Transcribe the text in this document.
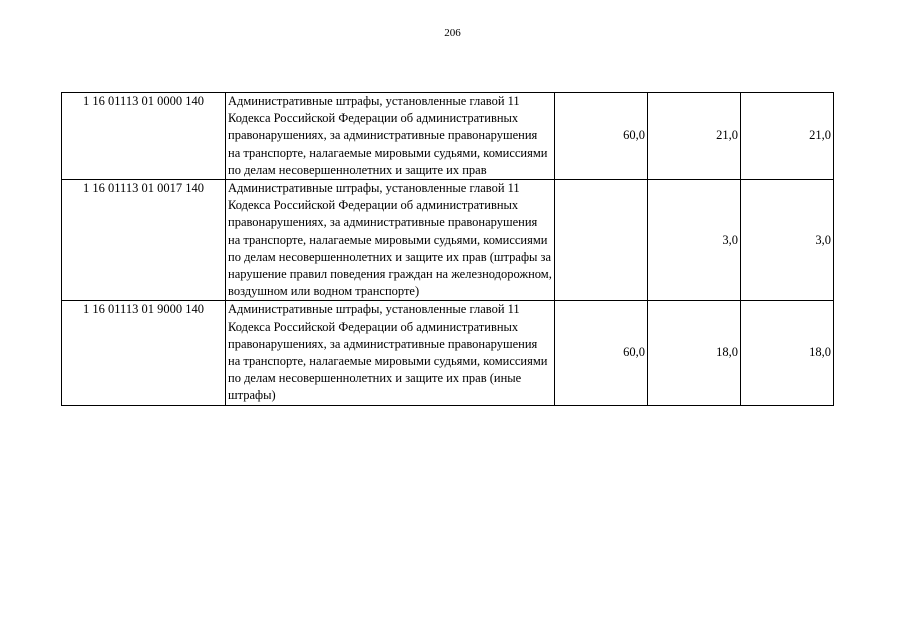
206
1 16 01113 01 0000 140	Административные штрафы, установленные главой 11 Кодекса Российской Федерации об административных правонарушениях, за административные правонарушения на транспорте, налагаемые мировыми судьями, комиссиями по делам несовершеннолетних и защите их прав	60,0	21,0	21,0
1 16 01113 01 0017 140	Административные штрафы, установленные главой 11 Кодекса Российской Федерации об административных правонарушениях, за административные правонарушения на транспорте, налагаемые мировыми судьями, комиссиями по делам несовершеннолетних и защите их прав (штрафы за нарушение правил поведения граждан на железнодорожном, воздушном или водном транспорте)		3,0	3,0
1 16 01113 01 9000 140	Административные штрафы, установленные главой 11 Кодекса Российской Федерации об административных правонарушениях, за административные правонарушения на транспорте, налагаемые мировыми судьями, комиссиями по делам несовершеннолетних и защите их прав (иные штрафы)	60,0	18,0	18,0
